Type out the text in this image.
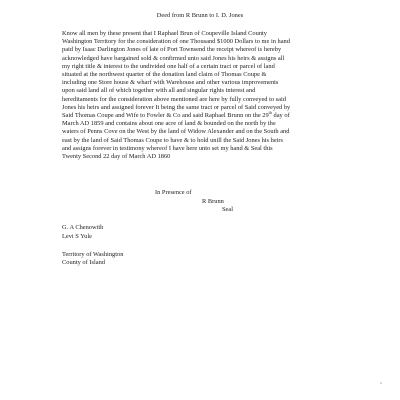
Deed from R Brunn to I. D. Jones

Know all men by these present that I Raphael Brun of Coupeville Island County
Washington Territory for the consideration of one Thousand $1000 Dollars to me in hand
paid by Isaac Darlington Jones of late of Port Townsend the receipt whereof is hereby
acknowledged have bargained sold & confirmed unto said Jones his heirs & assigns all
my right title & interest to the undivided one half of a certain tract or parcel of land
situated at the northwest quarter of the donation land claim of Thomas Coupe &
including one Store house & wharf with Warehouse and other various improvements
upon said land all of which together with all and singular rights interest and
hereditaments for the consideration above mentioned are here by fully conveyed to said
Jones his heirs and assigned forever It being the same tract or parcel of Said conveyed by
Said Thomas Coupe and Wife to Fowler & Co and said Raphael Brunn on the 29th day of
March AD 1859 and contains about one acre of land & bounded on the north by the
waters of Penns Cove on the West by the land of Widow Alexander and on the South and
east by the land of Said Thomas Coupe to have & to hold unill the Said Jones his heirs
and assigns forever in testimony whereof I have here unto set my hand & Seal this
Twenty Second 22 day of March AD 1860

In Presence of
R Brunn
Seal
G. A Chenowith
Levi S Yule
Territory of Washington
County of Island
